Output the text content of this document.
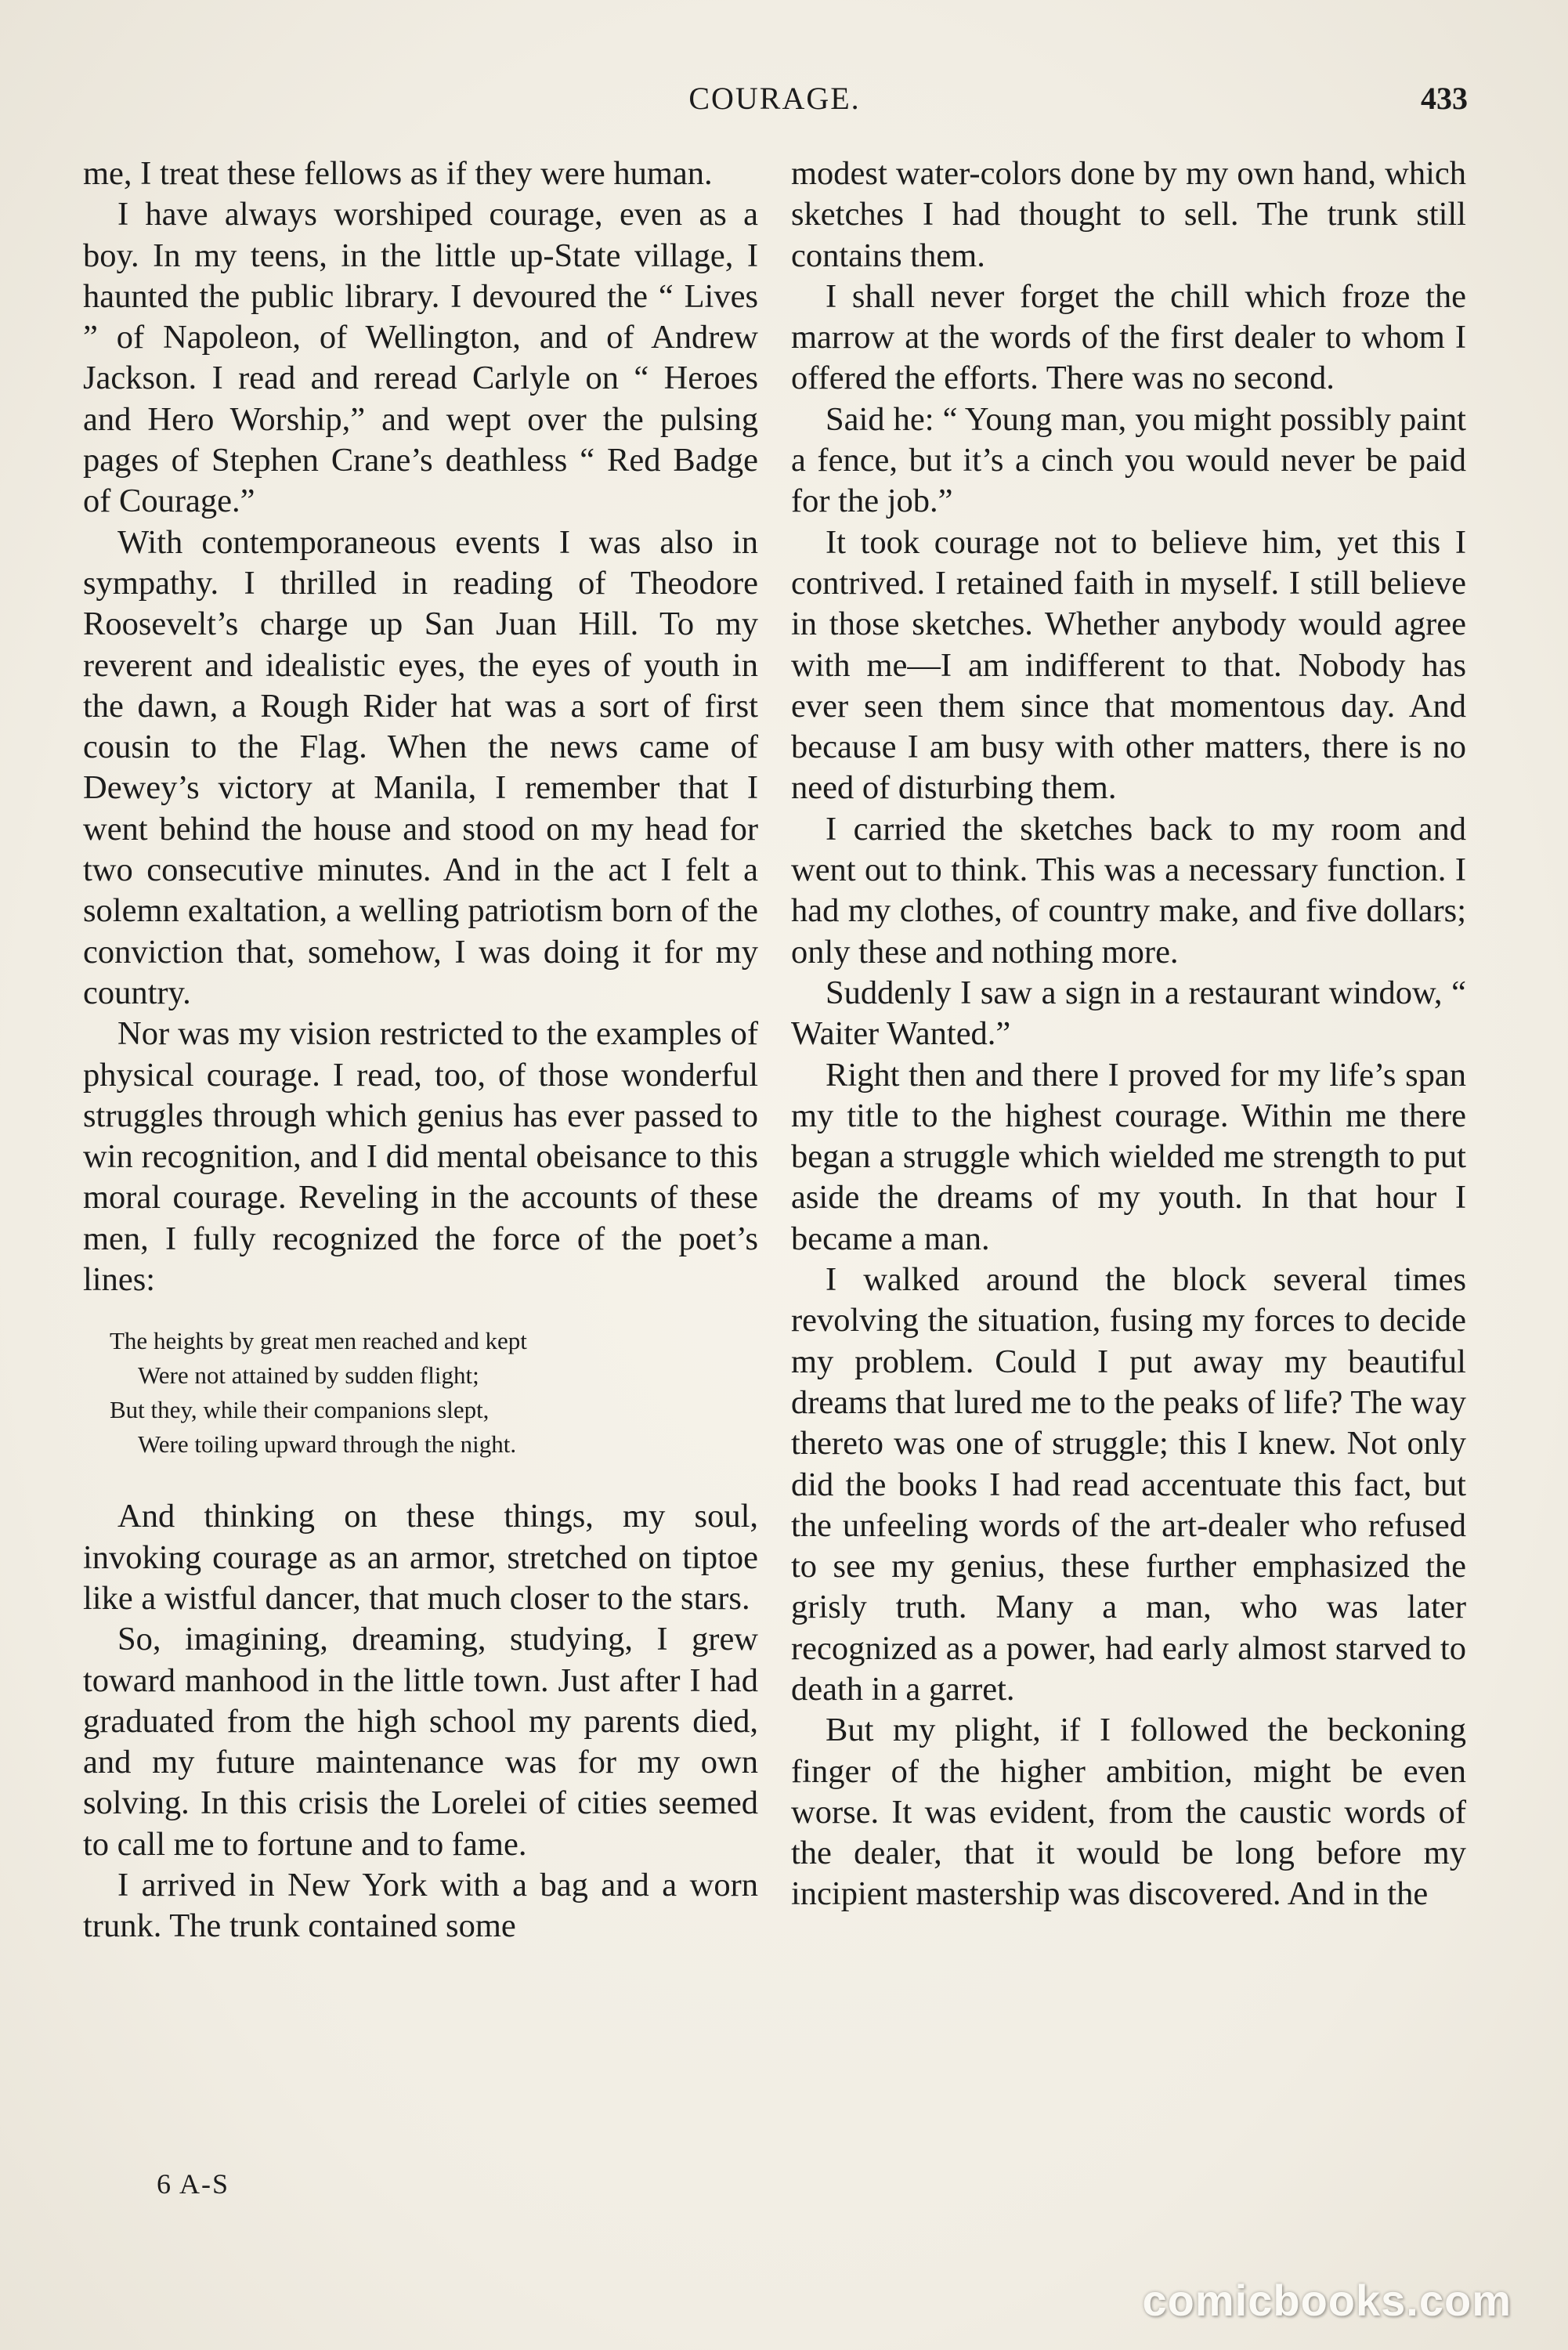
COURAGE.	433

me, I treat these fellows as if they were human.

I have always worshiped courage, even as a boy. In my teens, in the little up-State village, I haunted the public library. I devoured the “ Lives ” of Napoleon, of Wellington, and of Andrew Jackson. I read and reread Carlyle on “ Heroes and Hero Worship,” and wept over the pulsing pages of Stephen Crane’s deathless “ Red Badge of Courage.”

With contemporaneous events I was also in sympathy. I thrilled in reading of Theodore Roosevelt’s charge up San Juan Hill. To my reverent and idealistic eyes, the eyes of youth in the dawn, a Rough Rider hat was a sort of first cousin to the Flag. When the news came of Dewey’s victory at Manila, I remember that I went behind the house and stood on my head for two consecutive minutes. And in the act I felt a solemn exaltation, a welling patriotism born of the conviction that, somehow, I was doing it for my country.

Nor was my vision restricted to the examples of physical courage. I read, too, of those wonderful struggles through which genius has ever passed to win recognition, and I did mental obeisance to this moral courage. Reveling in the accounts of these men, I fully recognized the force of the poet’s lines:

The heights by great men reached and kept
Were not attained by sudden flight;
But they, while their companions slept,
Were toiling upward through the night.

And thinking on these things, my soul, invoking courage as an armor, stretched on tiptoe like a wistful dancer, that much closer to the stars.

So, imagining, dreaming, studying, I grew toward manhood in the little town. Just after I had graduated from the high school my parents died, and my future maintenance was for my own solving. In this crisis the Lorelei of cities seemed to call me to fortune and to fame.

I arrived in New York with a bag and a worn trunk. The trunk contained some

modest water-colors done by my own hand, which sketches I had thought to sell. The trunk still contains them.

I shall never forget the chill which froze the marrow at the words of the first dealer to whom I offered the efforts. There was no second.

Said he: “ Young man, you might possibly paint a fence, but it’s a cinch you would never be paid for the job.”

It took courage not to believe him, yet this I contrived. I retained faith in myself. I still believe in those sketches. Whether anybody would agree with me—I am indifferent to that. Nobody has ever seen them since that momentous day. And because I am busy with other matters, there is no need of disturbing them.

I carried the sketches back to my room and went out to think. This was a necessary function. I had my clothes, of country make, and five dollars; only these and nothing more.

Suddenly I saw a sign in a restaurant window, “ Waiter Wanted.”

Right then and there I proved for my life’s span my title to the highest courage. Within me there began a struggle which wielded me strength to put aside the dreams of my youth. In that hour I became a man.

I walked around the block several times revolving the situation, fusing my forces to decide my problem. Could I put away my beautiful dreams that lured me to the peaks of life? The way thereto was one of struggle; this I knew. Not only did the books I had read accentuate this fact, but the unfeeling words of the art-dealer who refused to see my genius, these further emphasized the grisly truth. Many a man, who was later recognized as a power, had early almost starved to death in a garret.

But my plight, if I followed the beckoning finger of the higher ambition, might be even worse. It was evident, from the caustic words of the dealer, that it would be long before my incipient mastership was discovered. And in the

6 A-S
comicbooks.com
